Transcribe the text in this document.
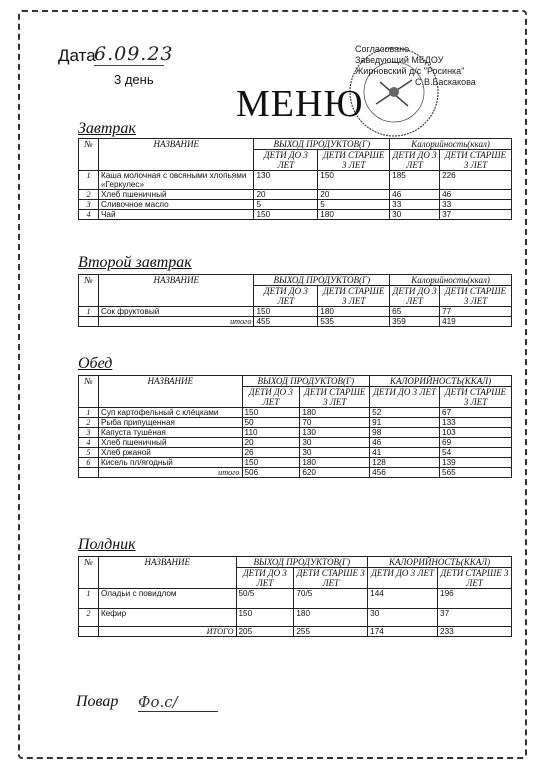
Дата
6.09.23
3 день
Согласовано
Заведующий МБДОУ
Жирновский д/с "Росинка"
С.В.Баскакова
МЕНЮ
Завтрак
№	НАЗВАНИЕ	ВЫХОД ПРОДУКТОВ(Г)		Калорийность(ккал)	
		ДЕТИ ДО 3 ЛЕТ	ДЕТИ СТАРШЕ 3 ЛЕТ	ДЕТИ ДО 3 ЛЕТ	ДЕТИ СТАРШЕ 3 ЛЕТ
1	Каша молочная с овсяными хлопьями «Геркулес»	130	150	185	226
2	Хлеб пшеничный	20	20	46	46
3	Сливочное масло	5	5	33	33
4	Чай	150	180	30	37
Второй завтрак
№	НАЗВАНИЕ	ВЫХОД ПРОДУКТОВ(Г)		Калорийность(ккал)	
		ДЕТИ ДО 3 ЛЕТ	ДЕТИ СТАРШЕ 3 ЛЕТ	ДЕТИ ДО 3 ЛЕТ	ДЕТИ СТАРШЕ 3 ЛЕТ
1	Сок фруктовый	150	180	65	77
	итого	455	535	359	419
Обед
№	НАЗВАНИЕ	ВЫХОД ПРОДУКТОВ(Г)		КАЛОРИЙНОСТЬ(ККАЛ)	
		ДЕТИ ДО 3 ЛЕТ	ДЕТИ СТАРШЕ 3 ЛЕТ	ДЕТИ ДО 3 ЛЕТ	ДЕТИ СТАРШЕ 3 ЛЕТ
1	Суп картофельный с клёцками	150	180	52	67
2	Рыба припущенная	50	70	91	133
3	Капуста тушёная	110	130	98	103
4	Хлеб пшеничный	20	30	46	69
5	Хлеб ржаной	26	30	41	54
6	Кисель пл/ягодный	150	180	128	139
	итого	506	620	456	565
Полдник
№	НАЗВАНИЕ	ВЫХОД ПРОДУКТОВ(Г)		КАЛОРИЙНОСТЬ(ККАЛ)	
		ДЕТИ ДО 3 ЛЕТ	ДЕТИ СТАРШЕ 3 ЛЕТ	ДЕТИ ДО 3 ЛЕТ	ДЕТИ СТАРШЕ 3 ЛЕТ
1	Оладьи с повидлом	50/5	70/5	144	196
2	Кефир	150	180	30	37
	ИТОГО	205	255	174	233
Повар Фо.с/
